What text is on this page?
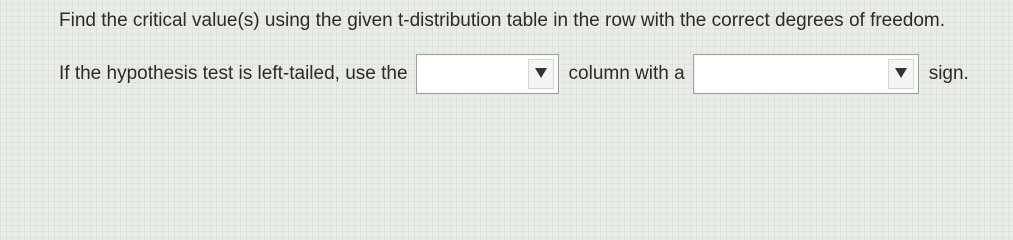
Find the critical value(s) using the given t-distribution table in the row with the correct degrees of freedom.
If the hypothesis test is left-tailed, use the	column with a	sign.
